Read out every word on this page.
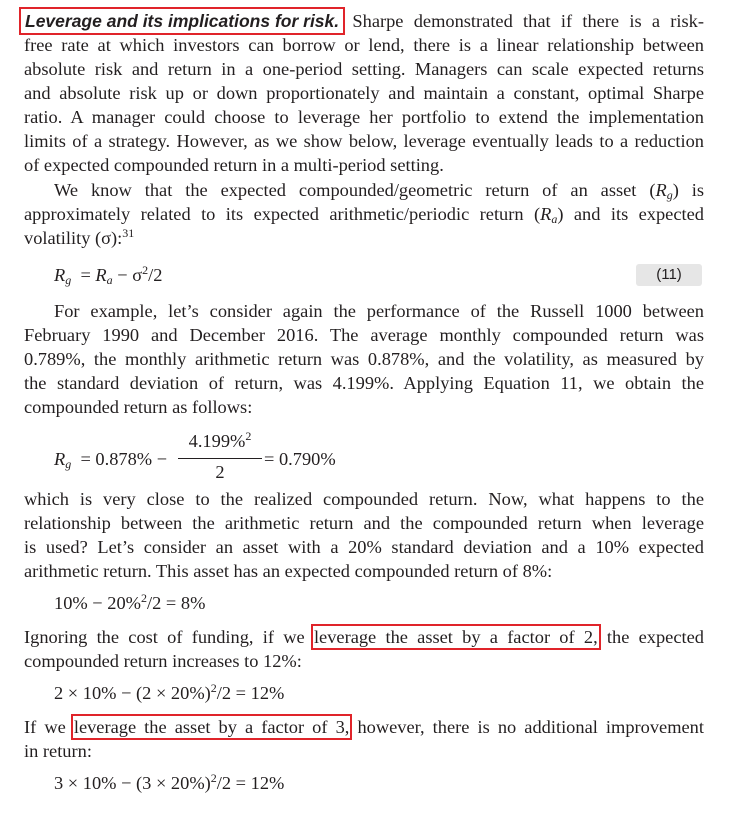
Leverage and its implications for risk. Sharpe demonstrated that if there is a risk-
free rate at which investors can borrow or lend, there is a linear relationship between
absolute risk and return in a one-period setting. Managers can scale expected returns
and absolute risk up or down proportionately and maintain a constant, optimal Sharpe
ratio. A manager could choose to leverage her portfolio to extend the implementation
limits of a strategy. However, as we show below, leverage eventually leads to a reduction
of expected compounded return in a multi-period setting.
We know that the expected compounded/geometric return of an asset $(R_g)$ is
approximately related to its expected arithmetic/periodic return $(R_a)$ and its expected
volatility (σ):$^{31}$
$R_g = R_a - \sigma^2/2$	(11)
For example, let’s consider again the performance of the Russell 1000 between
February 1990 and December 2016. The average monthly compounded return was
0.789%, the monthly arithmetic return was 0.878%, and the volatility, as measured by
the standard deviation of return, was 4.199%. Applying Equation 11, we obtain the
compounded return as follows:
$R_g = 0.878\%$ −
4.199%$^2$
2
= 0.790%
which is very close to the realized compounded return. Now, what happens to the
relationship between the arithmetic return and the compounded return when leverage
is used? Let’s consider an asset with a 20% standard deviation and a 10% expected
arithmetic return. This asset has an expected compounded return of 8%:
10% − 20%$^2$/2 = 8%
Ignoring the cost of funding, if we leverage the asset by a factor of 2, the expected
compounded return increases to 12%:
$2 \times 10\% - (2 \times 20\%)^2/2 = 12\%$
If we leverage the asset by a factor of 3, however, there is no additional improvement
in return:
$3 \times 10\% - (3 \times 20\%)^2/2 = 12\%$
